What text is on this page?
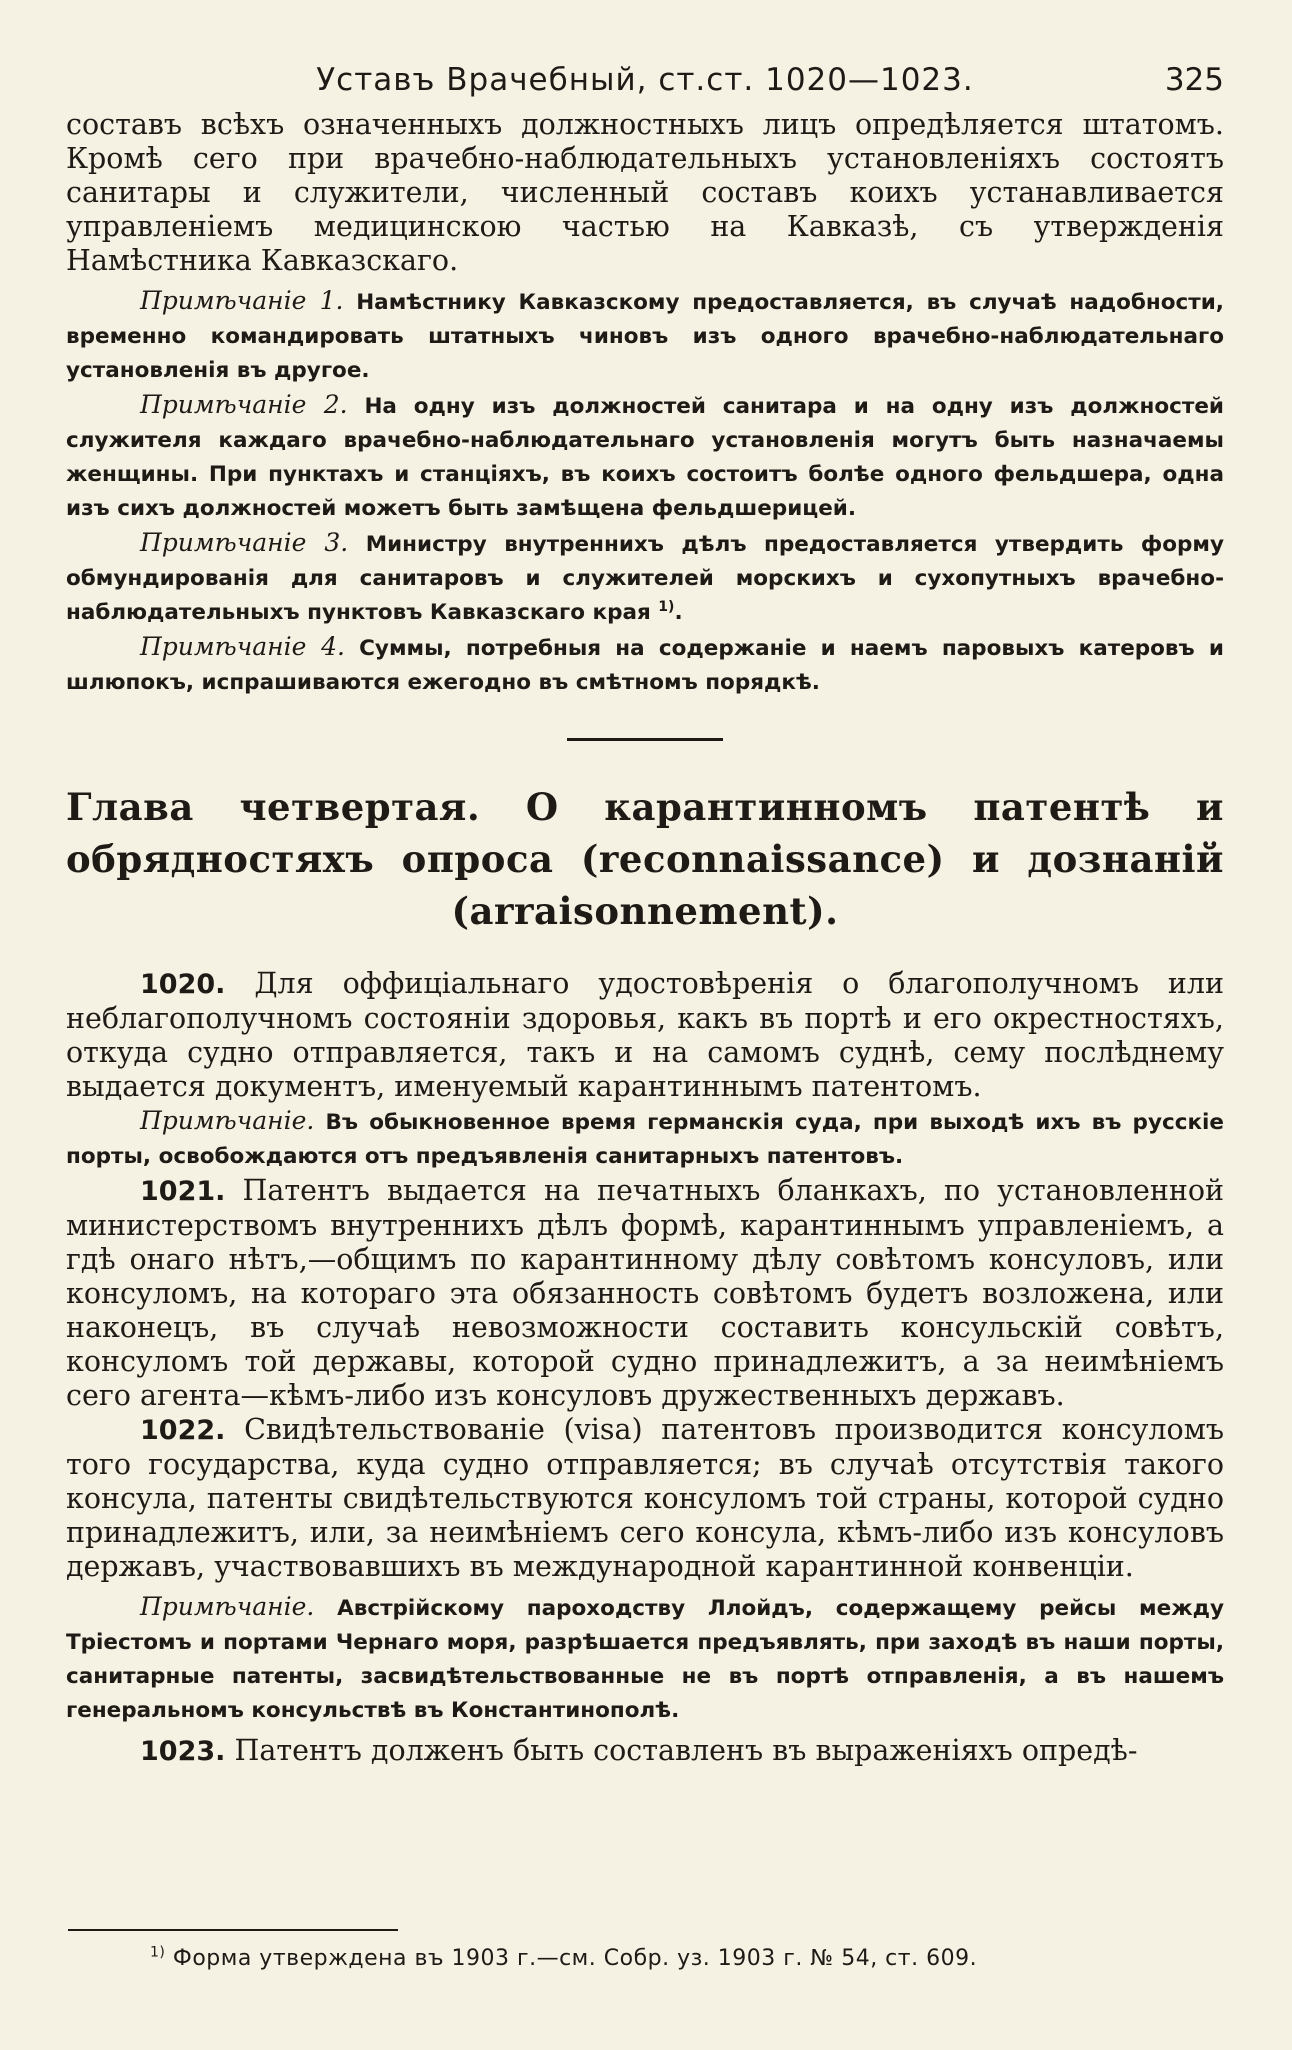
Уставъ Врачебный, ст.ст. 1020—1023.	325

составъ всѣхъ означенныхъ должностныхъ лицъ опредѣляется штатомъ. Кромѣ сего при врачебно-наблюдательныхъ установленіяхъ состоятъ санитары и служители, численный составъ коихъ устанавливается управленіемъ медицинскою частью на Кавказѣ, съ утвержденія Намѣстника Кавказскаго.

Примѣчаніе 1. Намѣстнику Кавказскому предоставляется, въ случаѣ надобности, временно командировать штатныхъ чиновъ изъ одного врачебно-наблюдательнаго установленія въ другое.

Примѣчаніе 2. На одну изъ должностей санитара и на одну изъ должностей служителя каждаго врачебно-наблюдательнаго установленія могутъ быть назначаемы женщины. При пунктахъ и станціяхъ, въ коихъ состоитъ болѣе одного фельдшера, одна изъ сихъ должностей можетъ быть замѣщена фельдшерицей.

Примѣчаніе 3. Министру внутреннихъ дѣлъ предоставляется утвердить форму обмундированія для санитаровъ и служителей морскихъ и сухопутныхъ врачебно-наблюдательныхъ пунктовъ Кавказскаго края $^{1)}$.

Примѣчаніе 4. Суммы, потребныя на содержаніе и наемъ паровыхъ катеровъ и шлюпокъ, испрашиваются ежегодно въ смѣтномъ порядкѣ.

Глава четвертая. О карантинномъ патентѣ и обрядностяхъ опроса (reconnaissance) и дознаній (arraisonnement).

1020. Для оффиціальнаго удостовѣренія о благополучномъ или неблагополучномъ состояніи здоровья, какъ въ портѣ и его окрестностяхъ, откуда судно отправляется, такъ и на самомъ суднѣ, сему послѣднему выдается документъ, именуемый карантиннымъ патентомъ.

Примѣчаніе. Въ обыкновенное время германскія суда, при выходѣ ихъ въ русскіе порты, освобождаются отъ предъявленія санитарныхъ патентовъ.

1021. Патентъ выдается на печатныхъ бланкахъ, по установленной министерствомъ внутреннихъ дѣлъ формѣ, карантиннымъ управленіемъ, а гдѣ онаго нѣтъ,—общимъ по карантинному дѣлу совѣтомъ консуловъ, или консуломъ, на котораго эта обязанность совѣтомъ будетъ возложена, или наконецъ, въ случаѣ невозможности составить консульскій совѣтъ, консуломъ той державы, которой судно принадлежитъ, а за неимѣніемъ сего агента—кѣмъ-либо изъ консуловъ дружественныхъ державъ.

1022. Свидѣтельствованіе (visa) патентовъ производится консуломъ того государства, куда судно отправляется; въ случаѣ отсутствія такого консула, патенты свидѣтельствуются консуломъ той страны, которой судно принадлежитъ, или, за неимѣніемъ сего консула, кѣмъ-либо изъ консуловъ державъ, участвовавшихъ въ международной карантинной конвенціи.

Примѣчаніе. Австрійскому пароходству Ллойдъ, содержащему рейсы между Тріестомъ и портами Чернаго моря, разрѣшается предъявлять, при заходѣ въ наши порты, санитарные патенты, засвидѣтельствованные не въ портѣ отправленія, а въ нашемъ генеральномъ консульствѣ въ Константинополѣ.

1023. Патентъ долженъ быть составленъ въ выраженіяхъ опредѣ-

$^{1)}$ Форма утверждена въ 1903 г.—см. Собр. уз. 1903 г. № 54, ст. 609.
